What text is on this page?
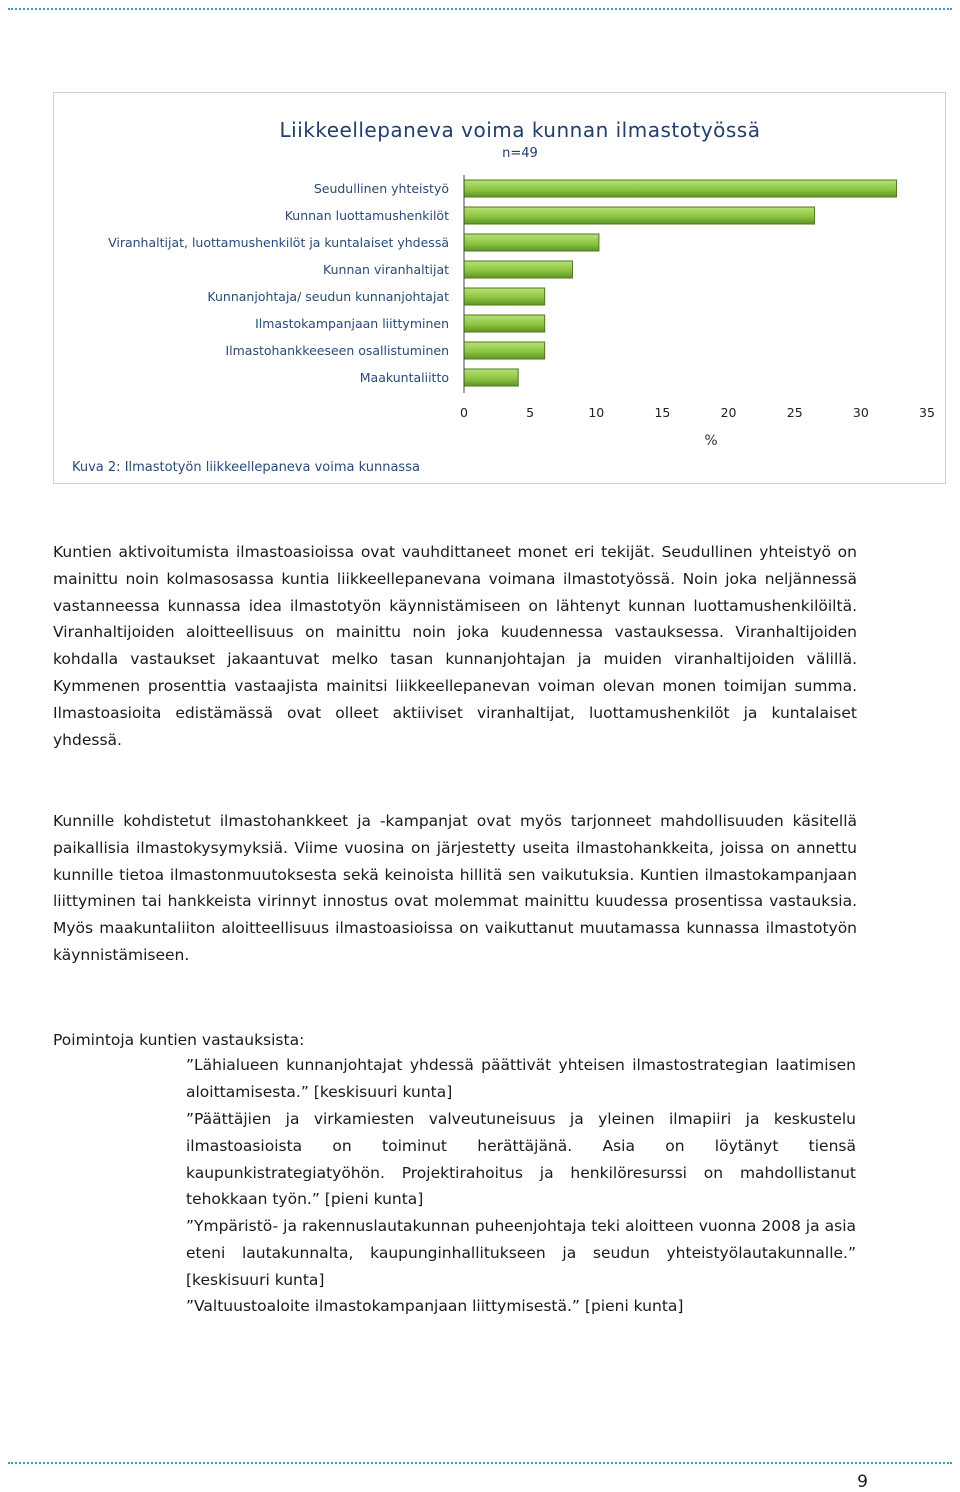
Liikkeellepaneva voima kunnan ilmastotyössä
n=49
Seudullinen yhteistyö
Kunnan luottamushenkilöt
Viranhaltijat, luottamushenkilöt ja kuntalaiset yhdessä
Kunnan viranhaltijat
Kunnanjohtaja/ seudun kunnanjohtajat
Ilmastokampanjaan liittyminen
Ilmastohankkeeseen osallistuminen
Maakuntaliitto
0	5	10	15	20	25	30	35
%
Kuva 2: Ilmastotyön liikkeellepaneva voima kunnassa

Kuntien aktivoitumista ilmastoasioissa ovat vauhdittaneet monet eri tekijät. Seudullinen yhteistyö on mainittu noin kolmasosassa kuntia liikkeellepanevana voimana ilmastotyössä. Noin joka neljännessä vastanneessa kunnassa idea ilmastotyön käynnistämiseen on lähtenyt kunnan luottamushenkilöiltä. Viranhaltijoiden aloitteellisuus on mainittu noin joka kuudennessa vastauksessa. Viranhaltijoiden kohdalla vastaukset jakaantuvat melko tasan kunnanjohtajan ja muiden viranhaltijoiden välillä. Kymmenen prosenttia vastaajista mainitsi liikkeellepanevan voiman olevan monen toimijan summa. Ilmastoasioita edistämässä ovat olleet aktiiviset viranhaltijat, luottamushenkilöt ja kuntalaiset yhdessä.

Kunnille kohdistetut ilmastohankkeet ja -kampanjat ovat myös tarjonneet mahdollisuuden käsitellä paikallisia ilmastokysymyksiä. Viime vuosina on järjestetty useita ilmastohankkeita, joissa on annettu kunnille tietoa ilmastonmuutoksesta sekä keinoista hillitä sen vaikutuksia. Kuntien ilmastokampanjaan liittyminen tai hankkeista virinnyt innostus ovat molemmat mainittu kuudessa prosentissa vastauksia. Myös maakuntaliiton aloitteellisuus ilmastoasioissa on vaikuttanut muutamassa kunnassa ilmastotyön käynnistämiseen.

Poimintoja kuntien vastauksista:

”Lähialueen kunnanjohtajat yhdessä päättivät yhteisen ilmastostrategian laatimisen aloittamisesta.” [keskisuuri kunta]

”Päättäjien ja virkamiesten valveutuneisuus ja yleinen ilmapiiri ja keskustelu ilmastoasioista on toiminut herättäjänä. Asia on löytänyt tiensä kaupunkistrategiatyöhön. Projektirahoitus ja henkilöresurssi on mahdollistanut tehokkaan työn.” [pieni kunta]

”Ympäristö- ja rakennuslautakunnan puheenjohtaja teki aloitteen vuonna 2008 ja asia eteni lautakunnalta, kaupunginhallitukseen ja seudun yhteistyölautakunnalle.” [keskisuuri kunta]

”Valtuustoaloite ilmastokampanjaan liittymisestä.” [pieni kunta]

9
